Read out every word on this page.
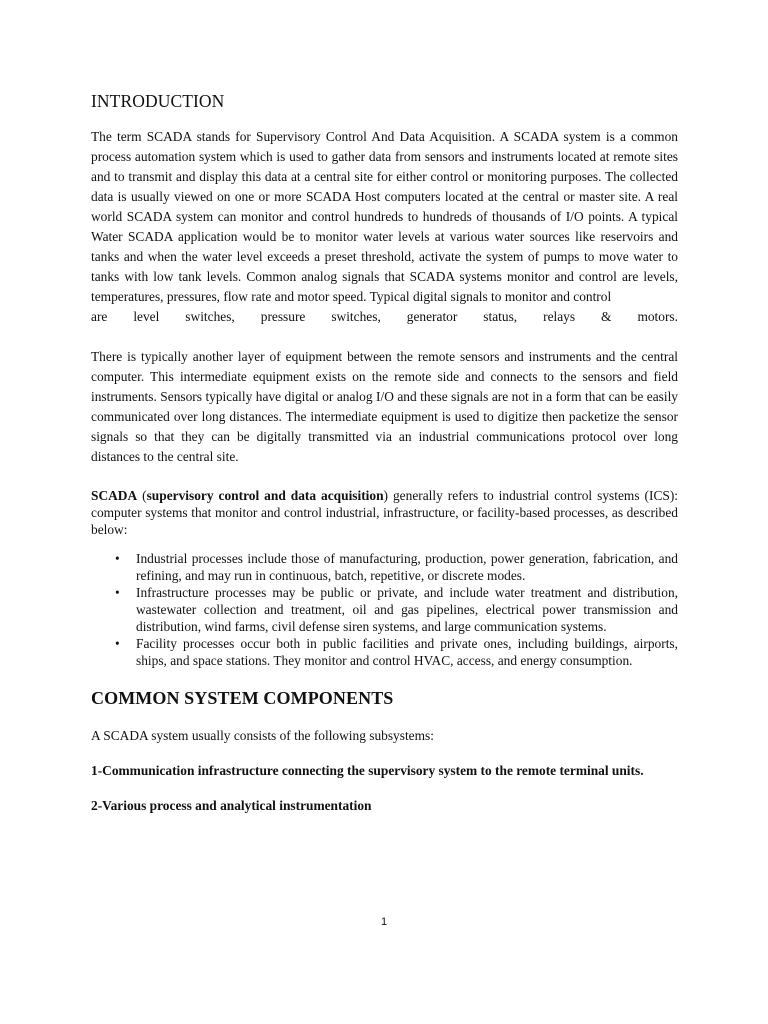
INTRODUCTION

The term SCADA stands for Supervisory Control And Data Acquisition. A SCADA system is a common process automation system which is used to gather data from sensors and instruments located at remote sites and to transmit and display this data at a central site for either control or monitoring purposes. The collected data is usually viewed on one or more SCADA Host computers located at the central or master site. A real world SCADA system can monitor and control hundreds to hundreds of thousands of I/O points. A typical Water SCADA application would be to monitor water levels at various water sources like reservoirs and tanks and when the water level exceeds a preset threshold, activate the system of pumps to move water to tanks with low tank levels. Common analog signals that SCADA systems monitor and control are levels, temperatures, pressures, flow rate and motor speed. Typical digital signals to monitor and control

are level switches, pressure switches, generator status, relays & motors.

There is typically another layer of equipment between the remote sensors and instruments and the central computer. This intermediate equipment exists on the remote side and connects to the sensors and field instruments. Sensors typically have digital or analog I/O and these signals are not in a form that can be easily communicated over long distances. The intermediate equipment is used to digitize then packetize the sensor signals so that they can be digitally transmitted via an industrial communications protocol over long distances to the central site.

SCADA (supervisory control and data acquisition) generally refers to industrial control systems (ICS): computer systems that monitor and control industrial, infrastructure, or facility-based processes, as described below:

• Industrial processes include those of manufacturing, production, power generation, fabrication, and refining, and may run in continuous, batch, repetitive, or discrete modes.
• Infrastructure processes may be public or private, and include water treatment and distribution, wastewater collection and treatment, oil and gas pipelines, electrical power transmission and distribution, wind farms, civil defense siren systems, and large communication systems.
• Facility processes occur both in public facilities and private ones, including buildings, airports, ships, and space stations. They monitor and control HVAC, access, and energy consumption.
COMMON SYSTEM COMPONENTS

A SCADA system usually consists of the following subsystems:

1-Communication infrastructure connecting the supervisory system to the remote terminal units.

2-Various process and analytical instrumentation

1
